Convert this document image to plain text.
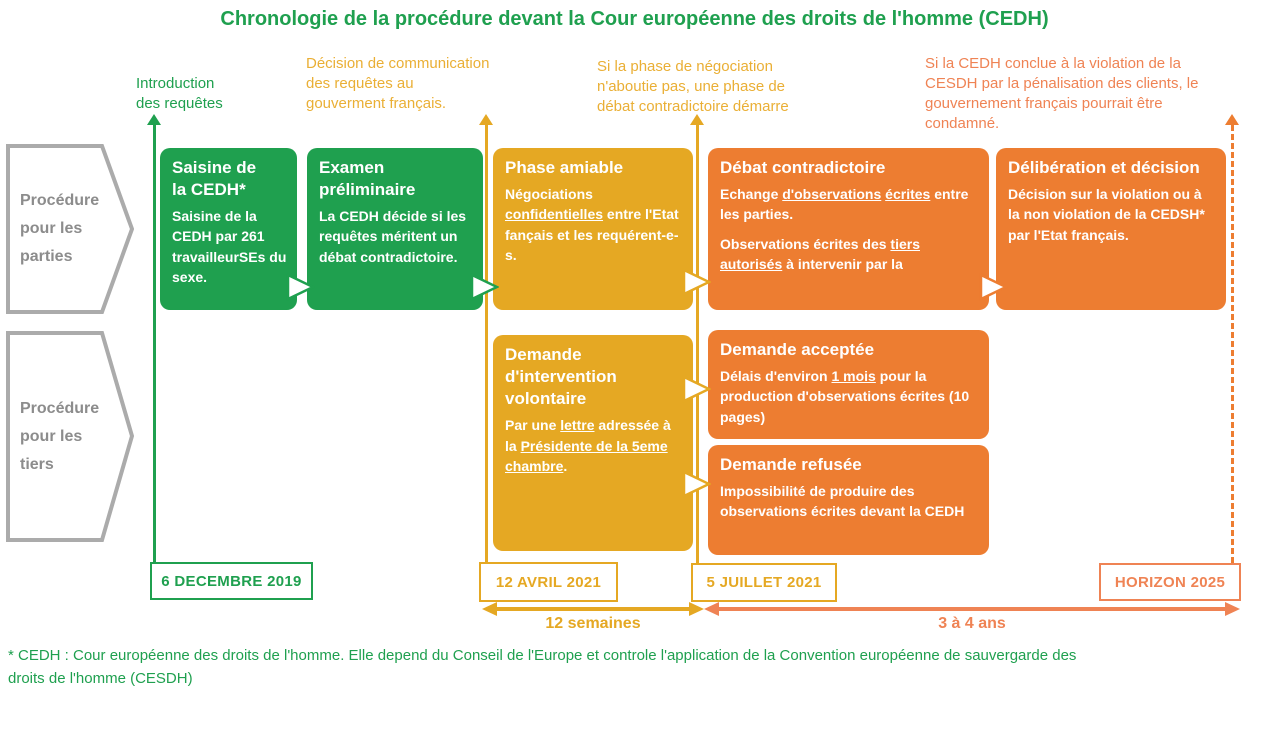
Chronologie de la procédure devant la Cour européenne des droits de l'homme (CEDH)
Introduction des requêtes
Décision de communication des requêtes au gouverment français.
Si la phase de négociation n'aboutie pas, une phase de débat contradictoire démarre
Si la CEDH conclue à la violation de la CESDH par la pénalisation des clients, le gouvernement français pourrait être condamné.
Procédure pour les parties
Procédure pour les tiers
Saisine de la CEDH*
Saisine de la CEDH par 261 travailleurSEs du sexe.
Examen préliminaire
La CEDH décide si les requêtes méritent un débat contradictoire.
Phase amiable
Négociations confidentielles entre l'Etat fançais et les requérent-e-s.
Débat contradictoire
Echange d'observations écrites entre les parties.
Observations écrites des tiers autorisés à intervenir par la
Délibération et décision
Décision sur la violation ou à la non violation de la CEDSH* par l'Etat français.
Demande d'intervention volontaire
Par une lettre adressée à la Présidente de la 5eme chambre.
Demande acceptée
Délais d'environ 1 mois pour la production d'observations écrites (10 pages)
Demande refusée
Impossibilité de produire des observations écrites devant la CEDH
6 DECEMBRE 2019	12 AVRIL 2021	5 JUILLET 2021	HORIZON 2025
12 semaines	3 à 4 ans
* CEDH : Cour européenne des droits de l'homme. Elle depend du Conseil de l'Europe et controle l'application de la Convention européenne de sauvergarde des droits de l'homme (CESDH)
